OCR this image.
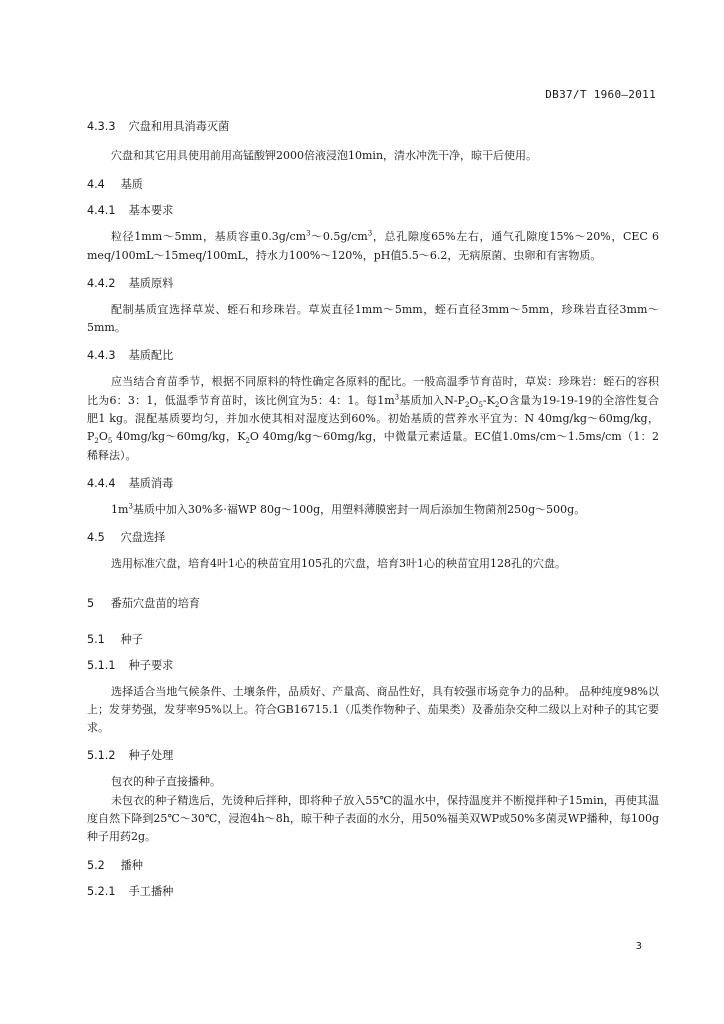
DB37/T 1960—2011
4.3.3 穴盘和用具消毒灭菌

穴盘和其它用具使用前用高锰酸钾2000倍液浸泡10min，清水冲洗干净，晾干后使用。

4.4 基质
4.4.1 基本要求

粒径1mm～5mm，基质容重$0.3g/cm^3\sim 0.5g/cm^3$，总孔隙度65%左右，通气孔隙度15%～20%，CEC 6 meq/100mL～15meq/100mL，持水力100%～120%，pH值5.5～6.2，无病原菌、虫卵和有害物质。

4.4.2 基质原料

配制基质宜选择草炭、蛭石和珍珠岩。草炭直径1mm～5mm，蛭石直径3mm～5mm，珍珠岩直径3mm～5mm。

4.4.3 基质配比

应当结合育苗季节，根据不同原料的特性确定各原料的配比。一般高温季节育苗时，草炭：珍珠岩：蛭石的容积比为6：3：1，低温季节育苗时，该比例宜为5：4：1。每$1m^3$基质加入$N-P_2O_5-K_2O$含量为19-19-19的全溶性复合肥1 kg。混配基质要均匀，并加水使其相对湿度达到60%。初始基质的营养水平宜为：N 40mg/kg～60mg/kg，$P_2O_5$ 40mg/kg～60mg/kg，$K_2O$ 40mg/kg～60mg/kg，中微量元素适量。EC值1.0ms/cm～1.5ms/cm（1：2稀释法）。

4.4.4 基质消毒

$1m^3$基质中加入30%多·福WP 80g～100g，用塑料薄膜密封一周后添加生物菌剂250g～500g。

4.5 穴盘选择

选用标准穴盘，培育4叶1心的秧苗宜用105孔的穴盘，培育3叶1心的秧苗宜用128孔的穴盘。

5 番茄穴盘苗的培育
5.1 种子
5.1.1 种子要求

选择适合当地气候条件、土壤条件，品质好、产量高、商品性好，具有较强市场竞争力的品种。 品种纯度98%以上；发芽势强，发芽率95%以上。符合GB16715.1（瓜类作物种子、茄果类）及番茄杂交种二级以上对种子的其它要求。

5.1.2 种子处理

包衣的种子直接播种。

未包衣的种子精选后，先烫种后拌种，即将种子放入55℃的温水中，保持温度并不断搅拌种子15min，再使其温度自然下降到25℃～30℃，浸泡4h～8h，晾干种子表面的水分，用50%福美双WP或50%多菌灵WP播种，每100g种子用药2g。

5.2 播种
5.2.1 手工播种
3
